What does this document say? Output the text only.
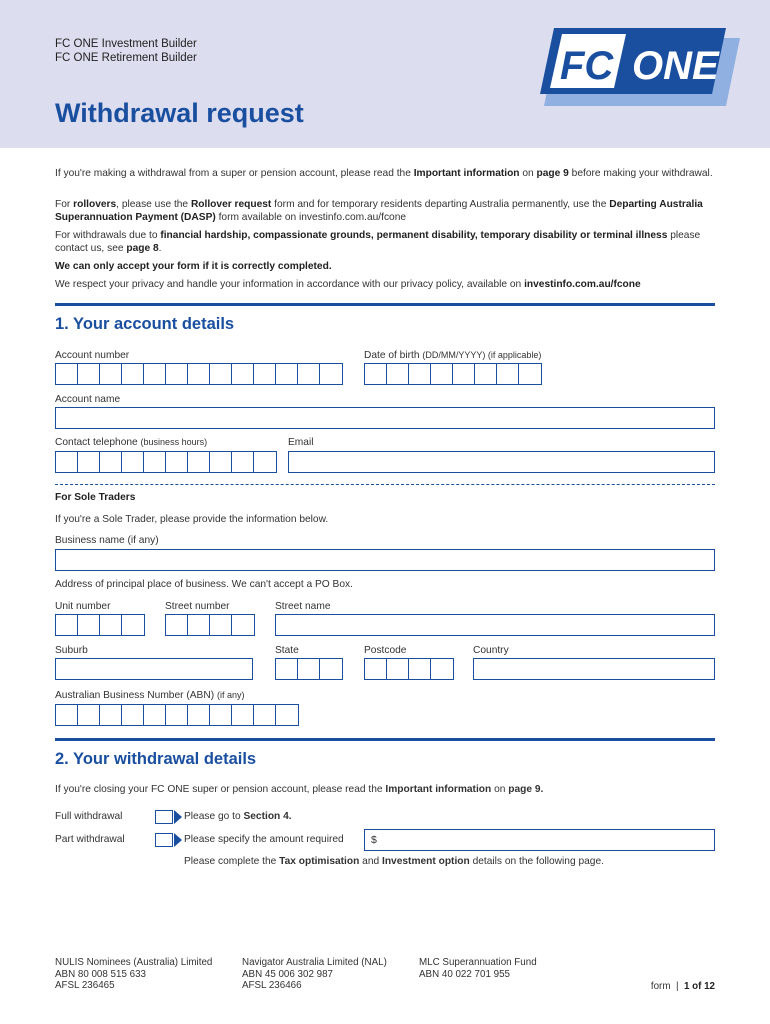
FC ONE Investment Builder
FC ONE Retirement Builder
Withdrawal request
FC ONE
If you're making a withdrawal from a super or pension account, please read the Important information on page 9 before making your withdrawal.
For rollovers, please use the Rollover request form and for temporary residents departing Australia permanently, use the Departing Australia Superannuation Payment (DASP) form available on investinfo.com.au/fcone
For withdrawals due to financial hardship, compassionate grounds, permanent disability, temporary disability or terminal illness please contact us, see page 8.
We can only accept your form if it is correctly completed.
We respect your privacy and handle your information in accordance with our privacy policy, available on investinfo.com.au/fcone
1. Your account details
Account number	Date of birth (DD/MM/YYYY) (if applicable)
Account name
Contact telephone (business hours)	Email
For Sole Traders
If you're a Sole Trader, please provide the information below.
Business name (if any)
Address of principal place of business. We can't accept a PO Box.
Unit number	Street number	Street name
Suburb	State	Postcode	Country
Australian Business Number (ABN) (if any)
2. Your withdrawal details
If you're closing your FC ONE super or pension account, please read the Important information on page 9.
Full withdrawal	Please go to Section 4.
Part withdrawal	Please specify the amount required	$
Please complete the Tax optimisation and Investment option details on the following page.
NULIS Nominees (Australia) Limited
ABN 80 008 515 633
AFSL 236465
Navigator Australia Limited (NAL)
ABN 45 006 302 987
AFSL 236466
MLC Superannuation Fund
ABN 40 022 701 955
form | 1 of 12
